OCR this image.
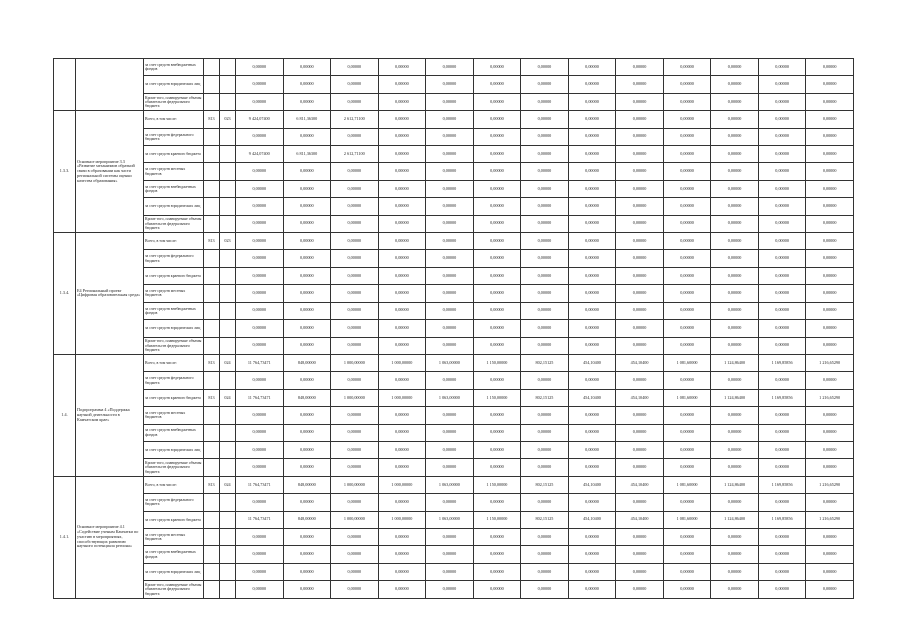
		за счет средств внебюджетных фондов			0,00000	0,00000	0,00000	0,00000	0,00000	0,00000	0,00000	0,00000	0,00000	0,00000	0,00000	0,00000	0,00000
		за счет средств юридических лиц			0,00000	0,00000	0,00000	0,00000	0,00000	0,00000	0,00000	0,00000	0,00000	0,00000	0,00000	0,00000	0,00000
		Кроме того, планируемые объемы обязательств федерального бюджета			0,00000	0,00000	0,00000	0,00000	0,00000	0,00000	0,00000	0,00000	0,00000	0,00000	0,00000	0,00000	0,00000
1.3.3.	Основное мероприятие 3.3 «Развитие механизмов обратной связи в образовании как части региональной системы оценки качества образования»	Всего, в том числе:	813	023	9 424,07400	6 811,36300	2 612,71100	0,00000	0,00000	0,00000	0,00000	0,00000	0,00000	0,00000	0,00000	0,00000	0,00000
		за счет средств федерального бюджета			0,00000	0,00000	0,00000	0,00000	0,00000	0,00000	0,00000	0,00000	0,00000	0,00000	0,00000	0,00000	0,00000
		за счет средств краевого бюджета			9 424,07400	6 811,36300	2 612,71100	0,00000	0,00000	0,00000	0,00000	0,00000	0,00000	0,00000	0,00000	0,00000	0,00000
		за счет средств местных бюджетов			0,00000	0,00000	0,00000	0,00000	0,00000	0,00000	0,00000	0,00000	0,00000	0,00000	0,00000	0,00000	0,00000
		за счет средств внебюджетных фондов			0,00000	0,00000	0,00000	0,00000	0,00000	0,00000	0,00000	0,00000	0,00000	0,00000	0,00000	0,00000	0,00000
		за счет средств юридических лиц			0,00000	0,00000	0,00000	0,00000	0,00000	0,00000	0,00000	0,00000	0,00000	0,00000	0,00000	0,00000	0,00000
		Кроме того, планируемые объемы обязательств федерального бюджета			0,00000	0,00000	0,00000	0,00000	0,00000	0,00000	0,00000	0,00000	0,00000	0,00000	0,00000	0,00000	0,00000
1.3.4.	Е4 Региональный проект «Цифровая образовательная среда»	Всего, в том числе:	813	023	0,00000	0,00000	0,00000	0,00000	0,00000	0,00000	0,00000	0,00000	0,00000	0,00000	0,00000	0,00000	0,00000
		за счет средств федерального бюджета			0,00000	0,00000	0,00000	0,00000	0,00000	0,00000	0,00000	0,00000	0,00000	0,00000	0,00000	0,00000	0,00000
		за счет средств краевого бюджета			0,00000	0,00000	0,00000	0,00000	0,00000	0,00000	0,00000	0,00000	0,00000	0,00000	0,00000	0,00000	0,00000
		за счет средств местных бюджетов			0,00000	0,00000	0,00000	0,00000	0,00000	0,00000	0,00000	0,00000	0,00000	0,00000	0,00000	0,00000	0,00000
		за счет средств внебюджетных фондов			0,00000	0,00000	0,00000	0,00000	0,00000	0,00000	0,00000	0,00000	0,00000	0,00000	0,00000	0,00000	0,00000
		за счет средств юридических лиц			0,00000	0,00000	0,00000	0,00000	0,00000	0,00000	0,00000	0,00000	0,00000	0,00000	0,00000	0,00000	0,00000
		Кроме того, планируемые объемы обязательств федерального бюджета			0,00000	0,00000	0,00000	0,00000	0,00000	0,00000	0,00000	0,00000	0,00000	0,00000	0,00000	0,00000	0,00000
1.4.	Подпрограмма 4 «Поддержка научной деятельности в Камчатском крае»	Всего, в том числе:	813	024	11 764,73471	848,00000	1 000,00000	1 000,00000	1 063,00000	1 150,00000	802,15125	454,10400	454,10400	1 081,60000	1 124,86400	1 169,85856	1 216,65290
		за счет средств федерального бюджета			0,00000	0,00000	0,00000	0,00000	0,00000	0,00000	0,00000	0,00000	0,00000	0,00000	0,00000	0,00000	0,00000
		за счет средств краевого бюджета	813	024	11 764,73471	848,00000	1 000,00000	1 000,00000	1 063,00000	1 150,00000	802,15125	454,10400	454,10400	1 081,60000	1 124,86400	1 169,85856	1 216,65290
		за счет средств местных бюджетов			0,00000	0,00000	0,00000	0,00000	0,00000	0,00000	0,00000	0,00000	0,00000	0,00000	0,00000	0,00000	0,00000
		за счет средств внебюджетных фондов			0,00000	0,00000	0,00000	0,00000	0,00000	0,00000	0,00000	0,00000	0,00000	0,00000	0,00000	0,00000	0,00000
		за счет средств юридических лиц			0,00000	0,00000	0,00000	0,00000	0,00000	0,00000	0,00000	0,00000	0,00000	0,00000	0,00000	0,00000	0,00000
		Кроме того, планируемые объемы обязательств федерального бюджета			0,00000	0,00000	0,00000	0,00000	0,00000	0,00000	0,00000	0,00000	0,00000	0,00000	0,00000	0,00000	0,00000
1.4.1.	Основное мероприятие 4.1 «Содействие ученым Камчатки по участию в мероприятиях, способствующих развитию научного потенциала региона»	Всего, в том числе:	813	024	11 764,73471	848,00000	1 000,00000	1 000,00000	1 063,00000	1 150,00000	802,15125	454,10400	454,10400	1 081,60000	1 124,86400	1 169,85856	1 216,65290
		за счет средств федерального бюджета			0,00000	0,00000	0,00000	0,00000	0,00000	0,00000	0,00000	0,00000	0,00000	0,00000	0,00000	0,00000	0,00000
		за счет средств краевого бюджета			11 764,73471	848,00000	1 000,00000	1 000,00000	1 063,00000	1 150,00000	802,15125	454,10400	454,10400	1 081,60000	1 124,86400	1 169,85856	1 216,65290
		за счет средств местных бюджетов			0,00000	0,00000	0,00000	0,00000	0,00000	0,00000	0,00000	0,00000	0,00000	0,00000	0,00000	0,00000	0,00000
		за счет средств внебюджетных фондов			0,00000	0,00000	0,00000	0,00000	0,00000	0,00000	0,00000	0,00000	0,00000	0,00000	0,00000	0,00000	0,00000
		за счет средств юридических лиц			0,00000	0,00000	0,00000	0,00000	0,00000	0,00000	0,00000	0,00000	0,00000	0,00000	0,00000	0,00000	0,00000
		Кроме того, планируемые объемы обязательств федерального бюджета			0,00000	0,00000	0,00000	0,00000	0,00000	0,00000	0,00000	0,00000	0,00000	0,00000	0,00000	0,00000	0,00000
